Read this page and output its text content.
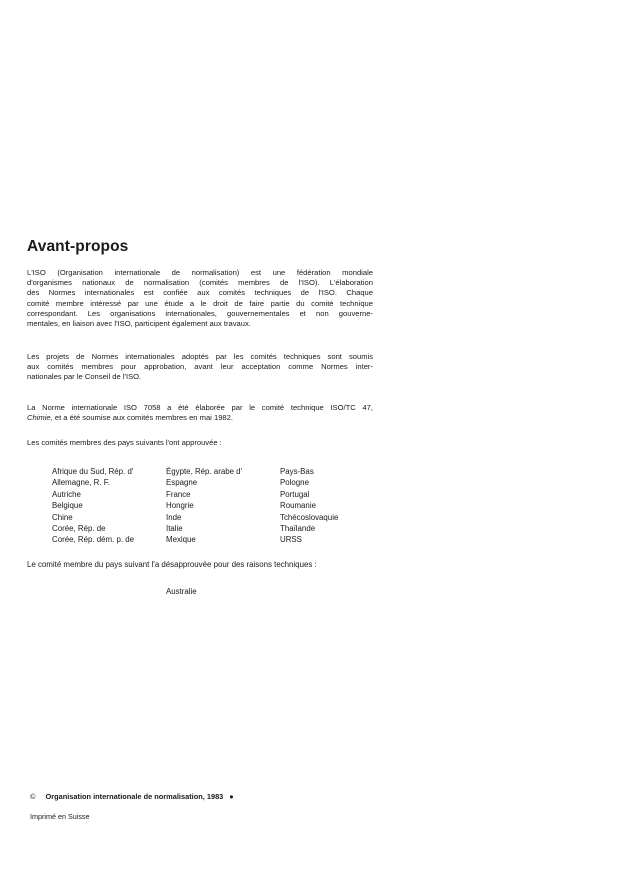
Avant-propos

L'ISO (Organisation internationale de normalisation) est une fédération mondiale
d'organismes nationaux de normalisation (comités membres de l'ISO). L'élaboration
des Normes internationales est confiée aux comités techniques de l'ISO. Chaque
comité membre intéressé par une étude a le droit de faire partie du comité technique
correspondant. Les organisations internationales, gouvernementales et non gouverne-
mentales, en liaison avec l'ISO, participent également aux travaux.

Les projets de Normes internationales adoptés par les comités techniques sont soumis
aux comités membres pour approbation, avant leur acceptation comme Normes inter-
nationales par le Conseil de l'ISO.

La Norme internationale ISO 7058 a été élaborée par le comité technique ISO/TC 47,
Chimie, et a été soumise aux comités membres en mai 1982.

Les comités membres des pays suivants l'ont approuvée :

Afrique du Sud, Rép. d'
Allemagne, R. F.
Autriche
Belgique
Chine
Corée, Rép. de
Corée, Rép. dém. p. de
Égypte, Rép. arabe d'
Espagne
France
Hongrie
Inde
Italie
Mexique
Pays-Bas
Pologne
Portugal
Roumanie
Tchécoslovaquie
Thaïlande
URSS

Le comité membre du pays suivant l'a désapprouvée pour des raisons techniques :

Australie
© Organisation internationale de normalisation, 1983 ●
Imprimé en Suisse
